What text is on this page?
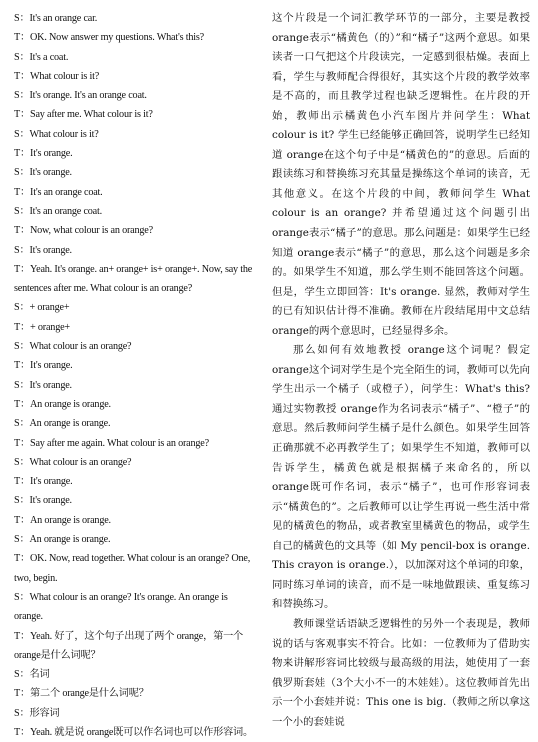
S：It's an orange car.
T：OK. Now answer my questions. What's this?
S：It's a coat.
T：What colour is it?
S：It's orange. It's an orange coat.
T：Say after me. What colour is it?
S：What colour is it?
T：It's orange.
S：It's orange.
T：It's an orange coat.
S：It's an orange coat.
T：Now, what colour is an orange?
S：It's orange.
T：Yeah. It's orange. an+ orange+ is+ orange+. Now, say the sentences after me. What colour is an orange?
S：+ orange+
T：+ orange+
S：What colour is an orange?
T：It's orange.
S：It's orange.
T：An orange is orange.
S：An orange is orange.
T：Say after me again. What colour is an orange?
S：What colour is an orange?
T：It's orange.
S：It's orange.
T：An orange is orange.
S：An orange is orange.
T：OK. Now, read together. What colour is an orange? One, two, begin.
S：What colour is an orange? It's orange. An orange is orange.
T：Yeah. 好了，这个句子出现了两个 orange，第一个 orange是什么词呢？
S：名词
T：第二个 orange是什么词呢？
S：形容词
T：Yeah. 就是说 orange既可以作名词也可以作形容词。

这个片段是一个词汇教学环节的一部分，主要是教授 orange表示“橘黄色（的）”和“橘子”这两个意思。如果读者一口气把这个片段读完，一定感到很枯燥。表面上看，学生与教师配合得很好，其实这个片段的教学效率是不高的，而且教学过程也缺乏逻辑性。在片段的开始，教师出示橘黄色小汽车图片并问学生：What colour is it? 学生已经能够正确回答，说明学生已经知道 orange在这个句子中是“橘黄色的”的意思。后面的跟读练习和替换练习充其量是操练这个单词的读音，无其他意义。在这个片段的中间，教师问学生 What colour is an orange? 并希望通过这个问题引出 orange表示“橘子”的意思。那么问题是：如果学生已经知道 orange表示“橘子”的意思，那么这个问题是多余的。如果学生不知道，那么学生则不能回答这个问题。但是，学生立即回答：It's orange. 显然，教师对学生的已有知识估计得不准确。教师在片段结尾用中文总结 orange的两个意思时，已经显得多余。

那么如何有效地教授 orange这个词呢？假定 orange这个词对学生是个完全陌生的词，教师可以先向学生出示一个橘子（或橙子），问学生：What's this? 通过实物教授 orange作为名词表示“橘子”、“橙子”的意思。然后教师问学生橘子是什么颜色。如果学生回答正确那就不必再教学生了；如果学生不知道，教师可以告诉学生，橘黄色就是根据橘子来命名的，所以 orange既可作名词，表示“橘子”，也可作形容词表示“橘黄色的”。之后教师可以让学生再说一些生活中常见的橘黄色的物品，或者教室里橘黄色的物品，或学生自己的橘黄色的文具等（如 My pencil-box is orange. This crayon is orange.），以加深对这个单词的印象，同时练习单词的读音，而不是一味地做跟读、重复练习和替换练习。

教师课堂话语缺乏逻辑性的另外一个表现是，教师说的话与客观事实不符合。比如：一位教师为了借助实物来讲解形容词比较级与最高级的用法，她使用了一套俄罗斯套娃（3个大小不一的木娃娃）。这位教师首先出示一个小套娃并说：This one is big.（教师之所以拿这一个小的套娃说
